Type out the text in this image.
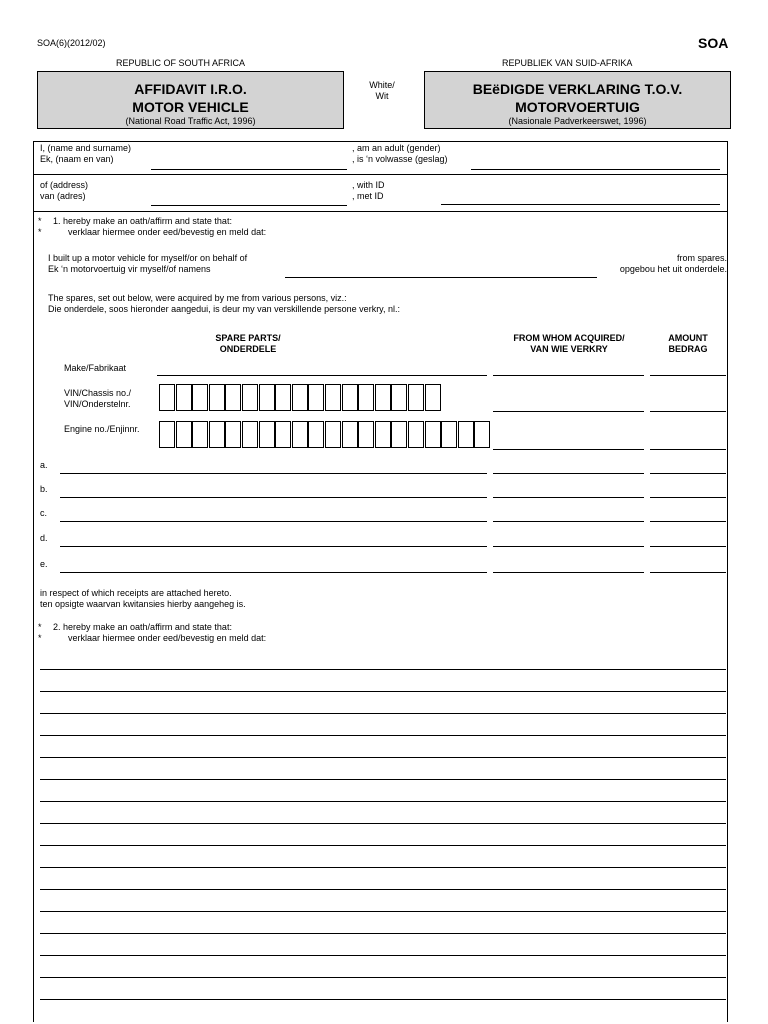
SOA(6)(2012/02)	SOA
REPUBLIC OF SOUTH AFRICA	REPUBLIEK VAN SUID-AFRIKA
AFFIDAVIT I.R.O.
MOTOR VEHICLE
(National Road Traffic Act, 1996)
White/
Wit	BEëDIGDE VERKLARING T.O.V.
MOTORVOERTUIG
(Nasionale Padverkeerswet, 1996)
I, (name and surname)
Ek, (naam en van)
, am an adult (gender)
, is ‘n volwasse (geslag)
of (address)
van (adres)
, with ID
, met ID
* 1. hereby make an oath/affirm and state that:
*	verklaar hiermee onder eed/bevestig en meld dat:
I built up a motor vehicle for myself/or on behalf of
Ek ‘n motorvoertuig vir myself/of namens
from spares.
opgebou het uit onderdele.
The spares, set out below, were acquired by me from various persons, viz.:
Die onderdele, soos hieronder aangedui, is deur my van verskillende persone verkry, nl.:
SPARE PARTS/
ONDERDELE
FROM WHOM ACQUIRED/
VAN WIE VERKRY
AMOUNT
BEDRAG
Make/Fabrikaat
VIN/Chassis no./
VIN/Onderstelnr.
Engine no./Enjinnr.
a.
b.
c.
d.
e.
in respect of which receipts are attached hereto.
ten opsigte waarvan kwitansies hierby aangeheg is.
* 2. hereby make an oath/affirm and state that:
*	verklaar hiermee onder eed/bevestig en meld dat:
